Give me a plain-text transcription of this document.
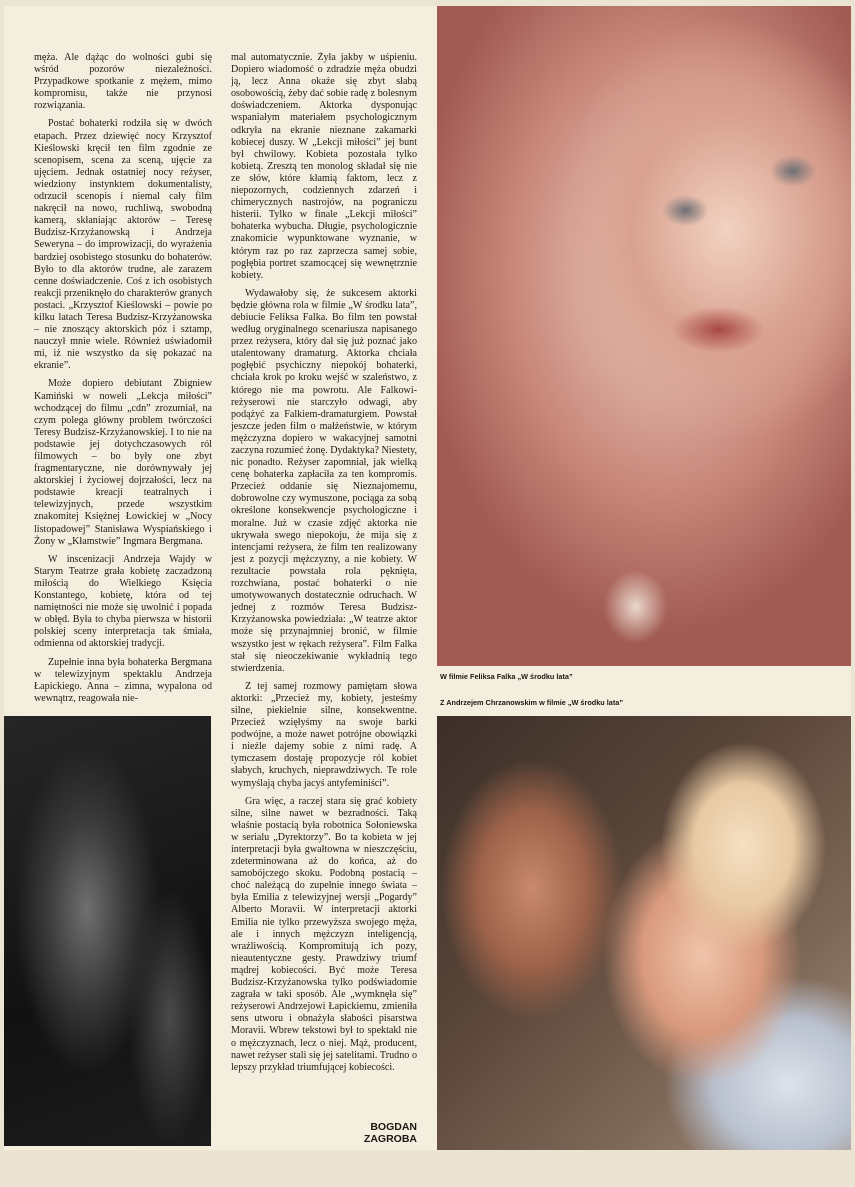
męża. Ale dążąc do wolności gubi się wśród pozorów niezależności. Przypadkowe spotkanie z mężem, mimo kompromisu, także nie przynosi rozwiązania.

Postać bohaterki rodziła się w dwóch etapach. Przez dziewięć nocy Krzysztof Kieślowski kręcił ten film zgodnie ze scenopisem, scena za sceną, ujęcie za ujęciem. Jednak ostatniej nocy reżyser, wiedziony instynktem dokumentalisty, odrzucił scenopis i niemal cały film nakręcił na nowo, ruchliwą, swobodną kamerą, skłaniając aktorów – Teresę Budzisz-Krzyżanowską i Andrzeja Seweryna – do improwizacji, do wyrażenia bardziej osobistego stosunku do bohaterów. Było to dla aktorów trudne, ale zarazem cenne doświadczenie. Coś z ich osobistych reakcji przeniknęło do charakterów granych postaci. „Krzysztof Kieślowski – powie po kilku latach Teresa Budzisz-Krzyżanowska – nie znoszący aktorskich póz i sztamp, nauczył mnie wiele. Również uświadomił mi, iż nie wszystko da się pokazać na ekranie”.

Może dopiero debiutant Zbigniew Kamiński w noweli „Lekcja miłości” wchodzącej do filmu „cdn” zrozumiał, na czym polega główny problem twórczości Teresy Budzisz-Krzyżanowskiej. I to nie na podstawie jej dotychczasowych ról filmowych – bo były one zbyt fragmentaryczne, nie dorównywały jej aktorskiej i życiowej dojrzałości, lecz na podstawie kreacji teatralnych i telewizyjnych, przede wszystkim znakomitej Księżnej Łowickiej w „Nocy listopadowej” Stanisława Wyspiańskiego i Żony w „Kłamstwie” Ingmara Bergmana.

W inscenizacji Andrzeja Wajdy w Starym Teatrze grała kobietę zaczadzoną miłością do Wielkiego Księcia Konstantego, kobietę, która od tej namiętności nie może się uwolnić i popada w obłęd. Była to chyba pierwsza w historii polskiej sceny interpretacja tak śmiała, odmienna od aktorskiej tradycji.

Zupełnie inna była bohaterka Bergmana w telewizyjnym spektaklu Andrzeja Łapickiego. Anna – zimna, wypalona od wewnątrz, reagowała nie-

mal automatycznie. Żyła jakby w uśpieniu. Dopiero wiadomość o zdradzie męża obudzi ją, lecz Anna okaże się zbyt słabą osobowością, żeby dać sobie radę z bolesnym doświadczeniem. Aktorka dysponując wspaniałym materiałem psychologicznym odkryła na ekranie nieznane zakamarki kobiecej duszy. W „Lekcji miłości” jej bunt był chwilowy. Kobieta pozostała tylko kobietą. Zresztą ten monolog składał się nie ze słów, które kłamią faktom, lecz z niepozornych, codziennych zdarzeń i chimerycznych nastrojów, na pograniczu histerii. Tylko w finale „Lekcji miłości” bohaterka wybucha. Długie, psychologicznie znakomicie wypunktowane wyznanie, w którym raz po raz zaprzecza samej sobie, pogłębia portret szamocącej się wewnętrznie kobiety.

Wydawałoby się, że sukcesem aktorki będzie główna rola w filmie „W środku lata”, debiucie Feliksa Falka. Bo film ten powstał według oryginalnego scenariusza napisanego przez reżysera, który dał się już poznać jako utalentowany dramaturg. Aktorka chciała pogłębić psychiczny niepokój bohaterki, chciała krok po kroku wejść w szaleństwo, z którego nie ma powrotu. Ale Falkowi-reżyserowi nie starczyło odwagi, aby podążyć za Falkiem-dramaturgiem. Powstał jeszcze jeden film o małżeństwie, w którym mężczyzna dopiero w wakacyjnej samotni zaczyna rozumieć żonę. Dydaktyka? Niestety, nic ponadto. Reżyser zapomniał, jak wielką cenę bohaterka zapłaciła za ten kompromis. Przecież oddanie się Nieznajomemu, dobrowolne czy wymuszone, pociąga za sobą określone konsekwencje psychologiczne i moralne. Już w czasie zdjęć aktorka nie ukrywała swego niepokoju, że mija się z intencjami reżysera, że film ten realizowany jest z pozycji mężczyzny, a nie kobiety. W rezultacie powstała rola pęknięta, rozchwiana, postać bohaterki o nie umotywowanych dostatecznie odruchach. W jednej z rozmów Teresa Budzisz-Krzyżanowska powiedziała: „W teatrze aktor może się przynajmniej bronić, w filmie wszystko jest w rękach reżysera”. Film Falka stał się nieoczekiwanie wykładnią tego stwierdzenia.

Z tej samej rozmowy pamiętam słowa aktorki: „Przecież my, kobiety, jesteśmy silne, piekielnie silne, konsekwentne. Przecież wzięłyśmy na swoje barki podwójne, a może nawet potrójne obowiązki i nieźle dajemy sobie z nimi radę. A tymczasem dostaję propozycje ról kobiet słabych, kruchych, nieprawdziwych. Te role wymyślają chyba jacyś antyfeminiści”.

Gra więc, a raczej stara się grać kobiety silne, silne nawet w bezradności. Taką właśnie postacią była robotnica Sołoniewska w serialu „Dyrektorzy”. Bo ta kobieta w jej interpretacji była gwałtowna w nieszczęściu, zdeterminowana aż do końca, aż do samobójczego skoku. Podobną postacią – choć należącą do zupełnie innego świata – była Emilia z telewizyjnej wersji „Pogardy” Alberto Moravii. W interpretacji aktorki Emilia nie tylko przewyższa swojego męża, ale i innych mężczyzn inteligencją, wrażliwością. Kompromitują ich pozy, nieautentyczne gesty. Prawdziwy triumf mądrej kobiecości. Być może Teresa Budzisz-Krzyżanowska tylko podświadomie zagrała w taki sposób. Ale „wymknęła się” reżyserowi Andrzejowi Łapickiemu, zmieniła sens utworu i obnażyła słabości pisarstwa Moravii. Wbrew tekstowi był to spektakl nie o mężczyznach, lecz o niej. Mąż, producent, nawet reżyser stali się jej satelitami. Trudno o lepszy przykład triumfującej kobiecości.

W filmie Feliksa Falka „W środku lata”
Z Andrzejem Chrzanowskim w filmie „W środku lata”
BOGDAN
ZAGROBA
